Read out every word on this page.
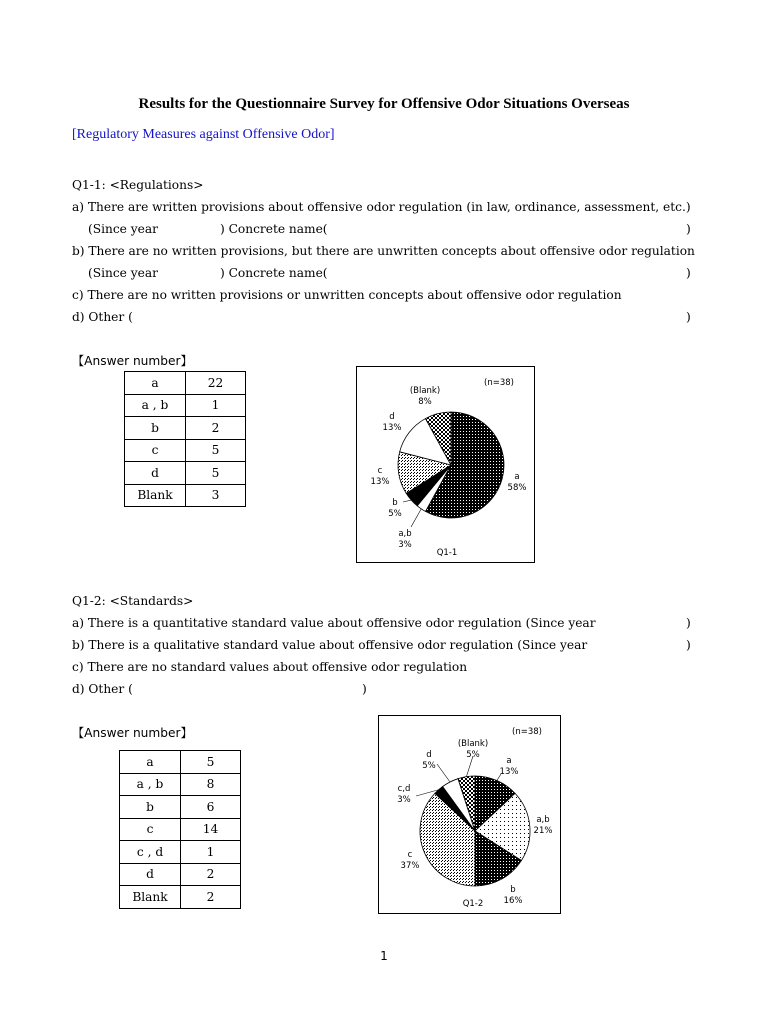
Results for the Questionnaire Survey for Offensive Odor Situations Overseas
[Regulatory Measures against Offensive Odor]
Q1-1: <Regulations>
a) There are written provisions about offensive odor regulation (in law, ordinance, assessment, etc.)
(Since year                ) Concrete name(	)
b) There are no written provisions, but there are unwritten concepts about offensive odor regulation
(Since year                ) Concrete name(	)
c) There are no written provisions or unwritten concepts about offensive odor regulation
d) Other (	)
【Answer number】
a	22
a , b	1
b	2
c	5
d	5
Blank	3
a
58%
a,b
3%
b
5%
c
13%
d
13%
(Blank)
8%
(n=38)
Q1-1
Q1-2: <Standards>
a) There is a quantitative standard value about offensive odor regulation (Since year	)
b) There is a qualitative standard value about offensive odor regulation (Since year	)
c) There are no standard values about offensive odor regulation
d) Other (	)
【Answer number】
a	5
a , b	8
b	6
c	14
c , d	1
d	2
Blank	2
a
13%
a,b
21%
b
16%
c
37%
c,d
3%
d
5%
(Blank)
5%
(n=38)
Q1-2
1
